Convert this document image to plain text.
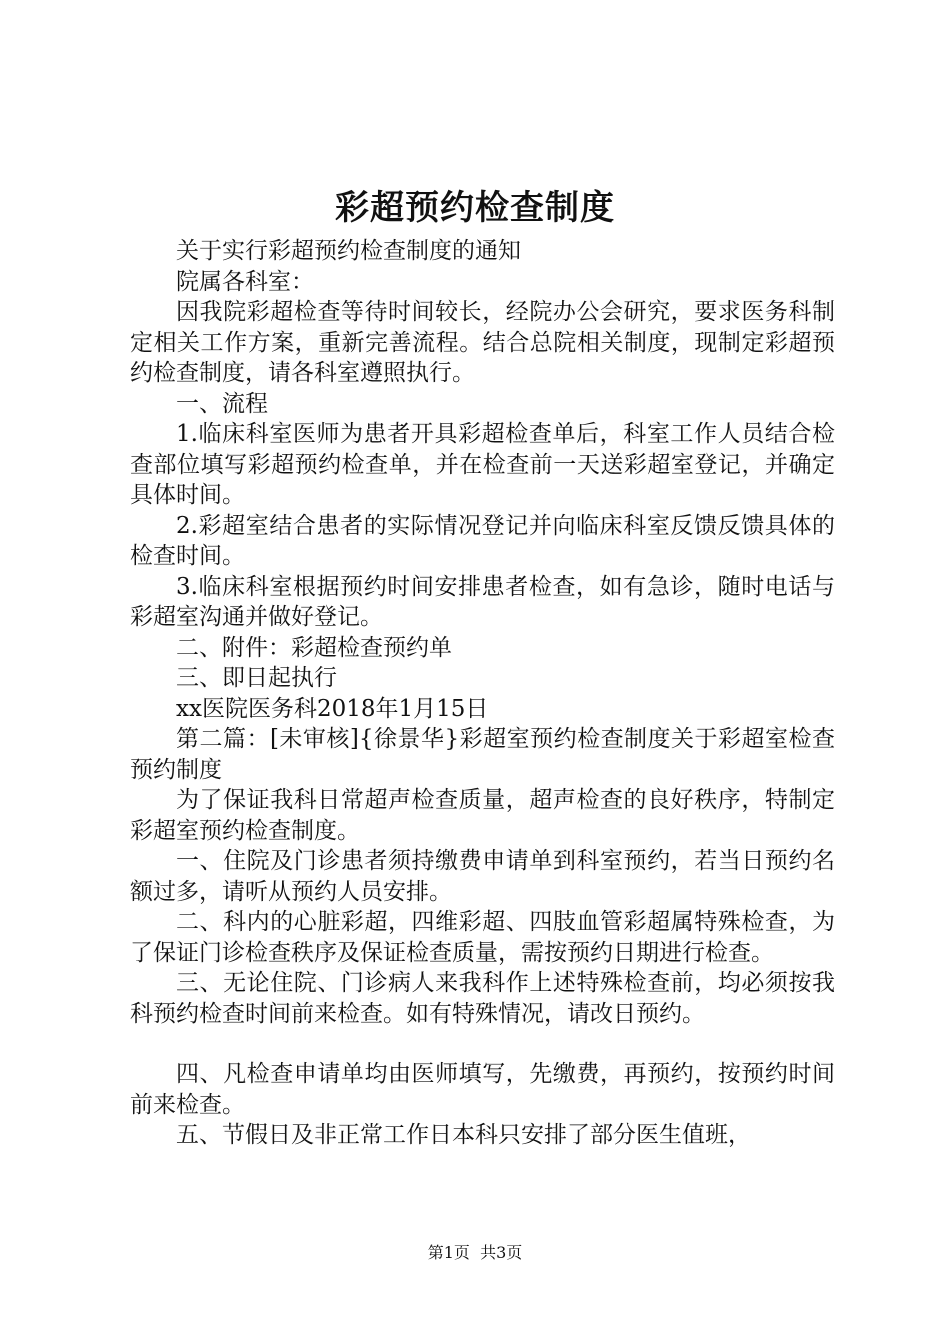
彩超预约检查制度

关于实行彩超预约检查制度的通知

院属各科室：

因我院彩超检查等待时间较长，经院办公会研究，要求医务科制定相关工作方案，重新完善流程。结合总院相关制度，现制定彩超预约检查制度，请各科室遵照执行。

一、流程

1.临床科室医师为患者开具彩超检查单后，科室工作人员结合检查部位填写彩超预约检查单，并在检查前一天送彩超室登记，并确定具体时间。

2.彩超室结合患者的实际情况登记并向临床科室反馈反馈具体的检查时间。

3.临床科室根据预约时间安排患者检查，如有急诊，随时电话与彩超室沟通并做好登记。

二、附件：彩超检查预约单

三、即日起执行

xx医院医务科2018年1月15日

第二篇：[未审核]{徐景华}彩超室预约检查制度关于彩超室检查预约制度

为了保证我科日常超声检查质量，超声检查的良好秩序，特制定彩超室预约检查制度。

一、住院及门诊患者须持缴费申请单到科室预约，若当日预约名额过多，请听从预约人员安排。

二、科内的心脏彩超，四维彩超、四肢血管彩超属特殊检查，为了保证门诊检查秩序及保证检查质量，需按预约日期进行检查。

三、无论住院、门诊病人来我科作上述特殊检查前，均必须按我科预约检查时间前来检查。如有特殊情况，请改日预约。

四、凡检查申请单均由医师填写，先缴费，再预约，按预约时间前来检查。

五、节假日及非正常工作日本科只安排了部分医生值班，

第1页  共3页
